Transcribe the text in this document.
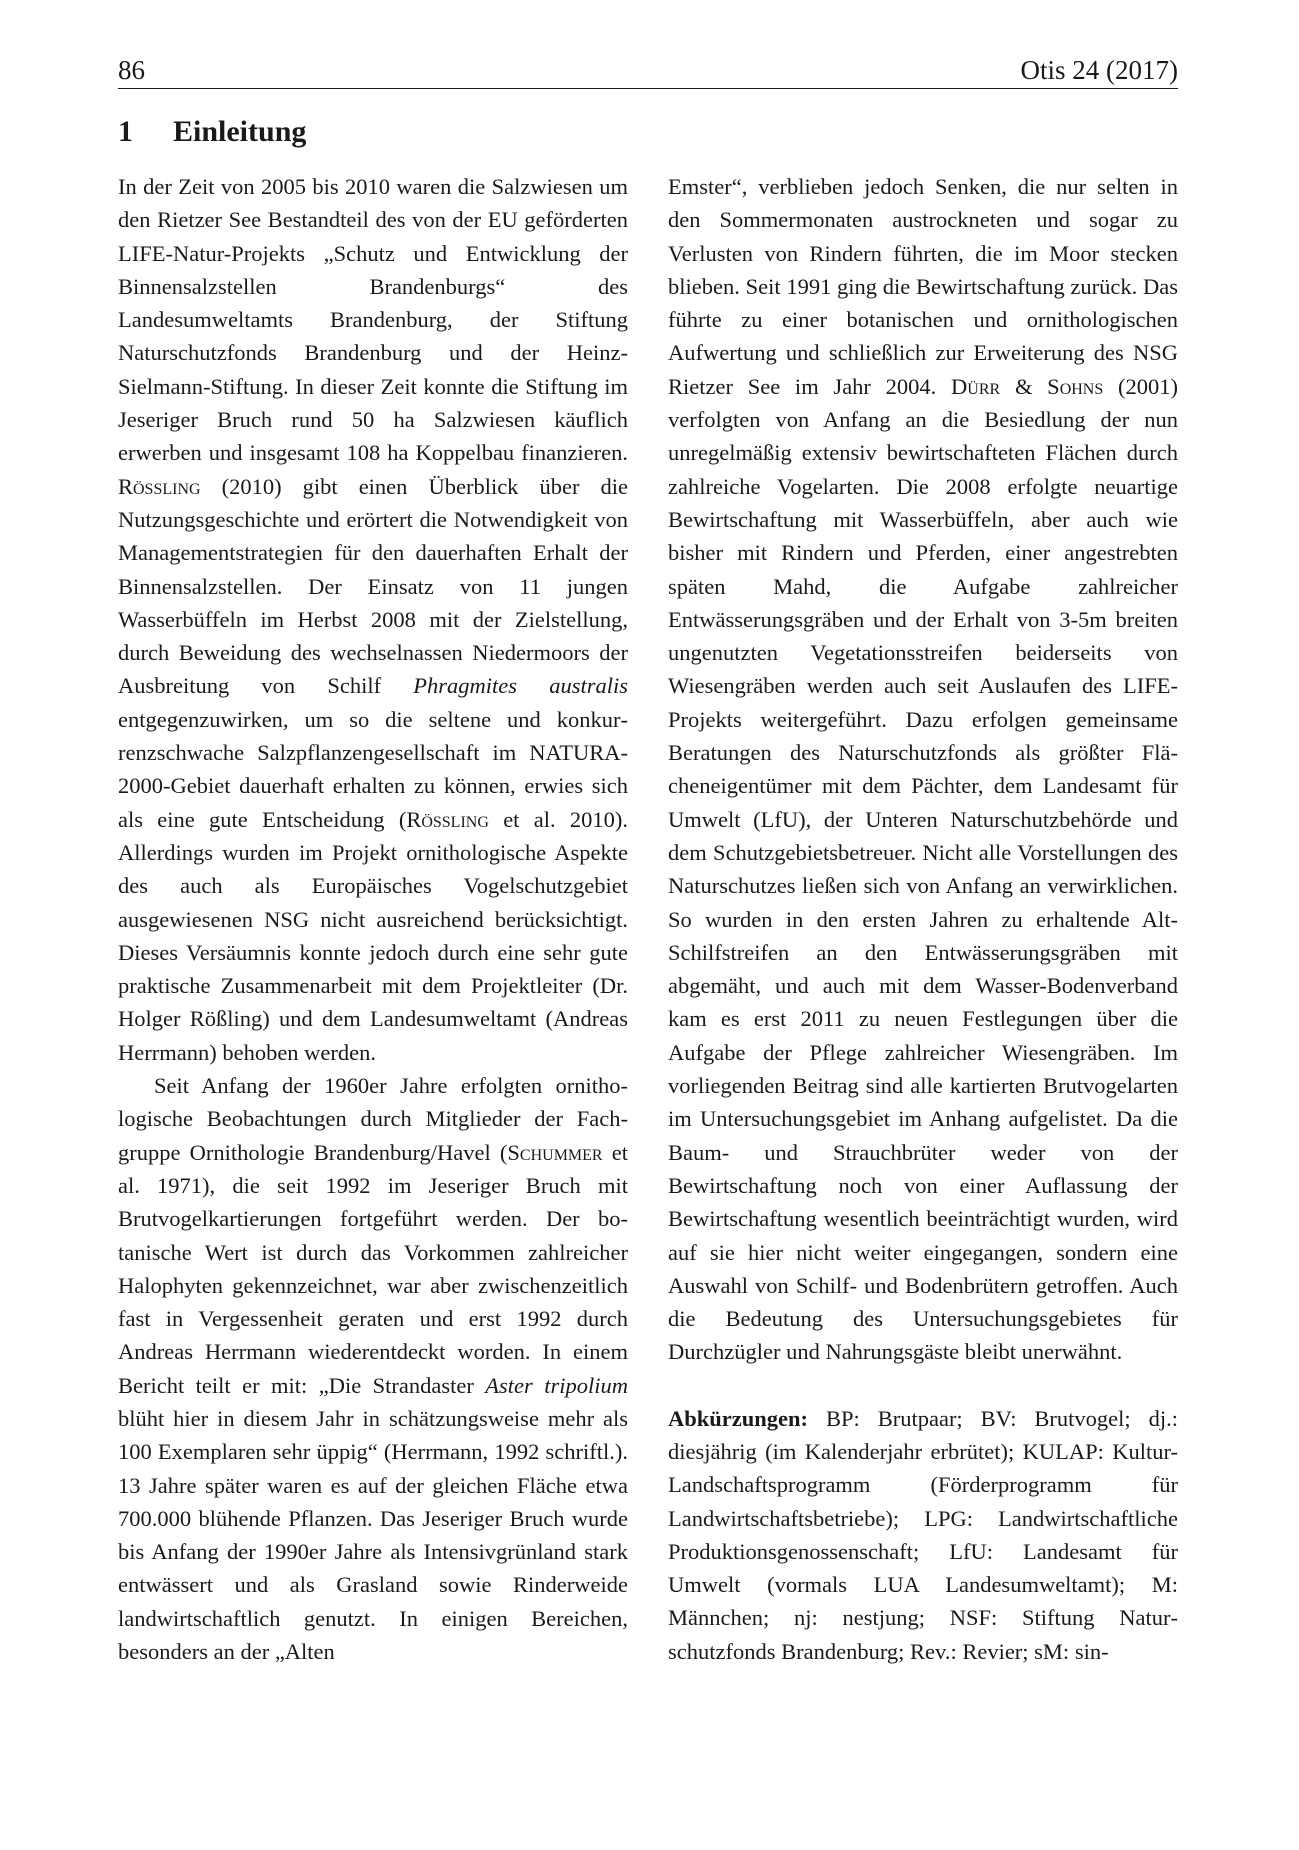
86	Otis 24 (2017)
1 Einleitung

In der Zeit von 2005 bis 2010 waren die Salzwiesen um den Rietzer See Bestandteil des von der EU geförderten LIFE-Natur-Projekts „Schutz und Entwicklung der Binnensalzstellen Brandenburgs“ des Landesumweltamts Brandenburg, der Stiftung Naturschutzfonds Brandenburg und der Heinz-Sielmann-Stiftung. In dieser Zeit konnte die Stiftung im Jeseriger Bruch rund 50 ha Salzwiesen käuflich erwerben und insgesamt 108 ha Koppelbau finanzieren. Rößling (2010) gibt einen Überblick über die Nutzungsgeschichte und erörtert die Notwendigkeit von Managementstrategien für den dauerhaften Erhalt der Binnensalzstellen. Der Einsatz von 11 jungen Wasserbüffeln im Herbst 2008 mit der Zielstellung, durch Beweidung des wechselnassen Niedermoors der Ausbreitung von Schilf Phragmites australis entgegenzuwirken, um so die seltene und konkurrenzschwache Salzpflanzengesellschaft im NATURA-2000-Gebiet dauerhaft erhalten zu können, erwies sich als eine gute Entscheidung (Rößling et al. 2010). Allerdings wurden im Projekt ornithologische Aspekte des auch als Europäisches Vogelschutzgebiet ausgewiesenen NSG nicht ausreichend berücksichtigt. Dieses Versäumnis konnte jedoch durch eine sehr gute praktische Zusammenarbeit mit dem Projektleiter (Dr. Holger Rößling) und dem Landesumweltamt (Andreas Herrmann) behoben werden.

Seit Anfang der 1960er Jahre erfolgten ornithologische Beobachtungen durch Mitglieder der Fachgruppe Ornithologie Brandenburg/Havel (Schummer et al. 1971), die seit 1992 im Jeseriger Bruch mit Brutvogelkartierungen fortgeführt werden. Der botanische Wert ist durch das Vorkommen zahlreicher Halophyten gekennzeichnet, war aber zwischenzeitlich fast in Vergessenheit geraten und erst 1992 durch Andreas Herrmann wiederentdeckt worden. In einem Bericht teilt er mit: „Die Strandaster Aster tripolium blüht hier in diesem Jahr in schätzungsweise mehr als 100 Exemplaren sehr üppig“ (Herrmann, 1992 schriftl.). 13 Jahre später waren es auf der gleichen Fläche etwa 700.000 blühende Pflanzen. Das Jeseriger Bruch wurde bis Anfang der 1990er Jahre als Intensivgrünland stark entwässert und als Grasland sowie Rinderweide landwirtschaftlich genutzt. In einigen Bereichen, besonders an der „Alten

Emster“, verblieben jedoch Senken, die nur selten in den Sommermonaten austrockneten und sogar zu Verlusten von Rindern führten, die im Moor stecken blieben. Seit 1991 ging die Bewirtschaftung zurück. Das führte zu einer botanischen und ornithologischen Aufwertung und schließlich zur Erweiterung des NSG Rietzer See im Jahr 2004. Dürr & Sohns (2001) verfolgten von Anfang an die Besiedlung der nun unregelmäßig extensiv bewirtschafteten Flächen durch zahlreiche Vogelarten. Die 2008 erfolgte neuartige Bewirtschaftung mit Wasserbüffeln, aber auch wie bisher mit Rindern und Pferden, einer angestrebten späten Mahd, die Aufgabe zahlreicher Entwässerungsgräben und der Erhalt von 3-5m breiten ungenutzten Vegetationsstreifen beiderseits von Wiesengräben werden auch seit Auslaufen des LIFE-Projekts weitergeführt. Dazu erfolgen gemeinsame Beratungen des Naturschutzfonds als größter Flächeneigentümer mit dem Pächter, dem Landesamt für Umwelt (LfU), der Unteren Naturschutzbehörde und dem Schutzgebietsbetreuer. Nicht alle Vorstellungen des Naturschutzes ließen sich von Anfang an verwirklichen. So wurden in den ersten Jahren zu erhaltende Alt-Schilfstreifen an den Entwässerungsgräben mit abgemäht, und auch mit dem Wasser-Bodenverband kam es erst 2011 zu neuen Festlegungen über die Aufgabe der Pflege zahlreicher Wiesengräben. Im vorliegenden Beitrag sind alle kartierten Brutvogelarten im Untersuchungsgebiet im Anhang aufgelistet. Da die Baum- und Strauchbrüter weder von der Bewirtschaftung noch von einer Auflassung der Bewirtschaftung wesentlich beeinträchtigt wurden, wird auf sie hier nicht weiter eingegangen, sondern eine Auswahl von Schilf- und Bodenbrütern getroffen. Auch die Bedeutung des Untersuchungsgebietes für Durchzügler und Nahrungsgäste bleibt unerwähnt.

Abkürzungen: BP: Brutpaar; BV: Brutvogel; dj.: diesjährig (im Kalenderjahr erbrütet); KULAP: Kultur-Landschaftsprogramm (Förderprogramm für Landwirtschaftsbetriebe); LPG: Landwirtschaftliche Produktionsgenossenschaft; LfU: Landesamt für Umwelt (vormals LUA Landesumweltamt); M: Männchen; nj: nestjung; NSF: Stiftung Naturschutzfonds Brandenburg; Rev.: Revier; sM: sin-
